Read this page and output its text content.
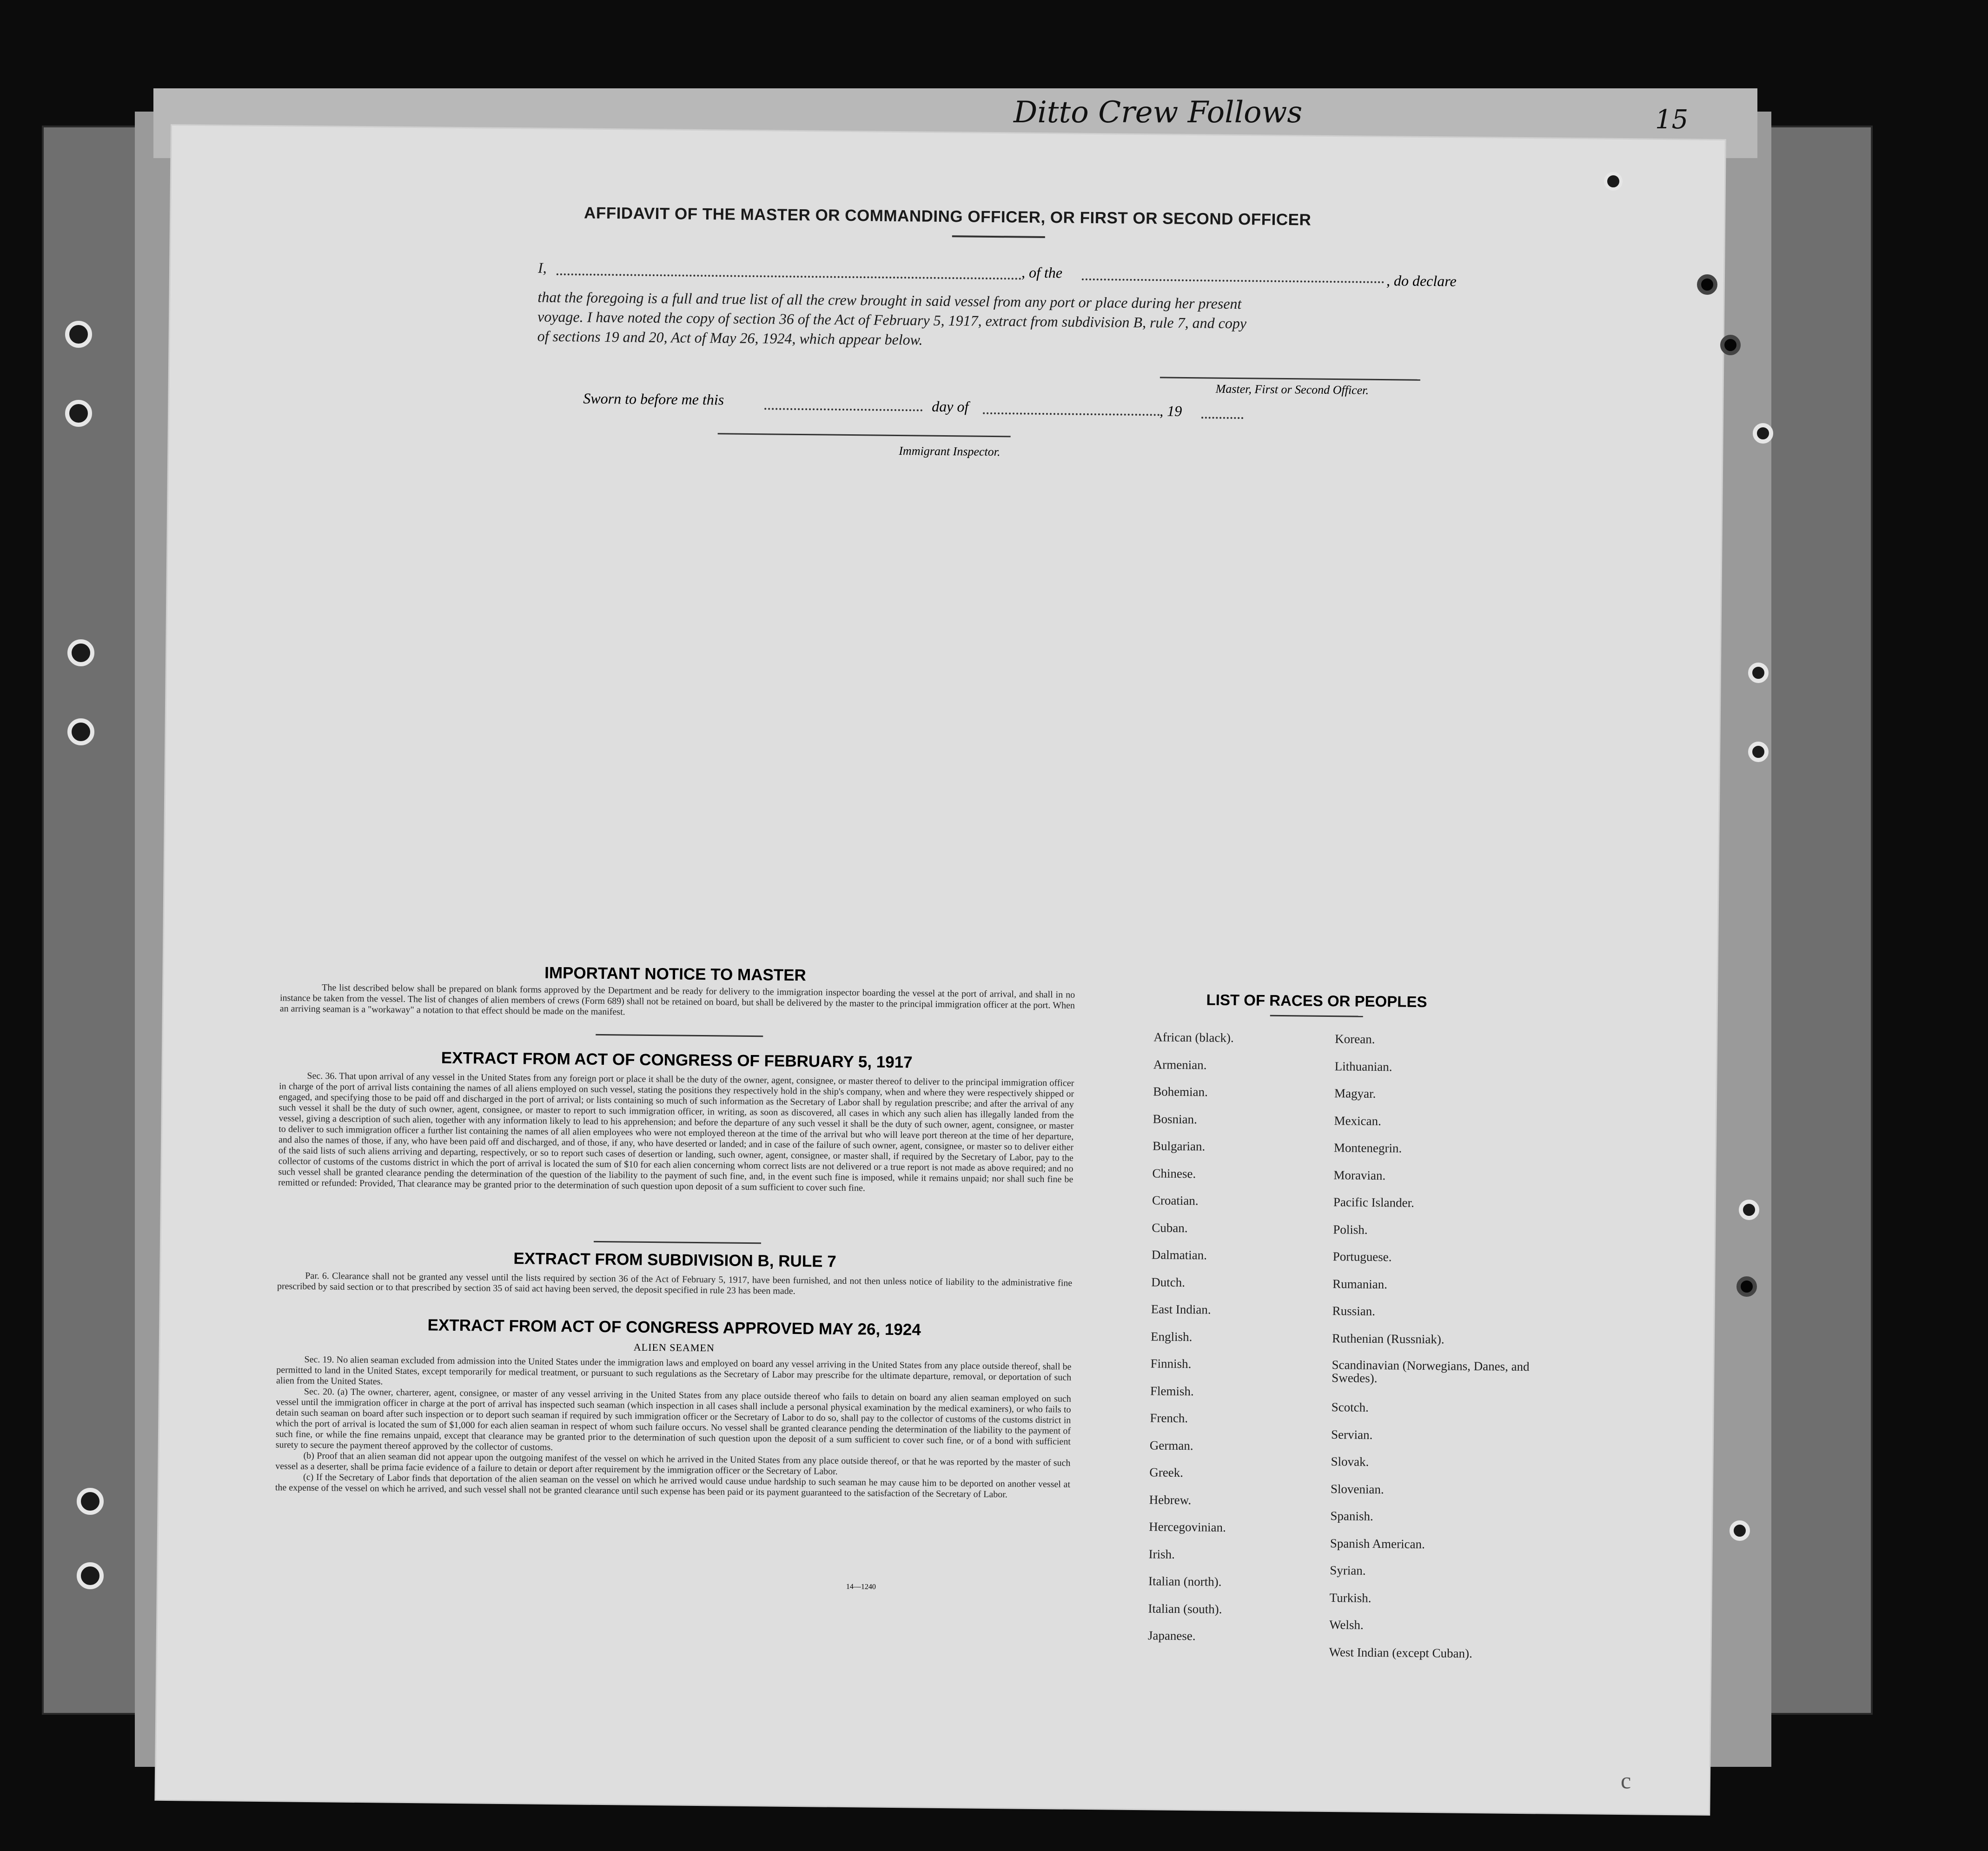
Ditto Crew Follows	15

AFFIDAVIT OF THE MASTER OR COMMANDING OFFICER, OR FIRST OR SECOND OFFICER
I,	, of the	, do declare
that the foregoing is a full and true list of all the crew brought in said vessel from any port or place during her present
voyage. I have noted the copy of section 36 of the Act of February 5, 1917, extract from subdivision B, rule 7, and copy
of sections 19 and 20, Act of May 26, 1924, which appear below.
Master, First or Second Officer.
Sworn to before me this	day of	, 19
Immigrant Inspector.
IMPORTANT NOTICE TO MASTER
The list described below shall be prepared on blank forms approved by the Department and be ready for delivery to the immigration inspector boarding the vessel at the port of arrival, and shall in no instance be taken from the vessel. The list of changes of alien members of crews (Form 689) shall not be retained on board, but shall be delivered by the master to the principal immigration officer at the port. When an arriving seaman is a "workaway" a notation to that effect should be made on the manifest.
EXTRACT FROM ACT OF CONGRESS OF FEBRUARY 5, 1917
Sec. 36. That upon arrival of any vessel in the United States from any foreign port or place it shall be the duty of the owner, agent, consignee, or master thereof to deliver to the principal immigration officer in charge of the port of arrival lists containing the names of all aliens employed on such vessel, stating the positions they respectively hold in the ship's company, when and where they were respectively shipped or engaged, and specifying those to be paid off and discharged in the port of arrival; or lists containing so much of such information as the Secretary of Labor shall by regulation prescribe; and after the arrival of any such vessel it shall be the duty of such owner, agent, consignee, or master to report to such immigration officer, in writing, as soon as discovered, all cases in which any such alien has illegally landed from the vessel, giving a description of such alien, together with any information likely to lead to his apprehension; and before the departure of any such vessel it shall be the duty of such owner, agent, consignee, or master to deliver to such immigration officer a further list containing the names of all alien employees who were not employed thereon at the time of the arrival but who will leave port thereon at the time of her departure, and also the names of those, if any, who have been paid off and discharged, and of those, if any, who have deserted or landed; and in case of the failure of such owner, agent, consignee, or master so to deliver either of the said lists of such aliens arriving and departing, respectively, or so to report such cases of desertion or landing, such owner, agent, consignee, or master shall, if required by the Secretary of Labor, pay to the collector of customs of the customs district in which the port of arrival is located the sum of $10 for each alien concerning whom correct lists are not delivered or a true report is not made as above required; and no such vessel shall be granted clearance pending the determination of the question of the liability to the payment of such fine, and, in the event such fine is imposed, while it remains unpaid; nor shall such fine be remitted or refunded: Provided, That clearance may be granted prior to the determination of such question upon deposit of a sum sufficient to cover such fine.
EXTRACT FROM SUBDIVISION B, RULE 7
Par. 6. Clearance shall not be granted any vessel until the lists required by section 36 of the Act of February 5, 1917, have been furnished, and not then unless notice of liability to the administrative fine prescribed by said section or to that prescribed by section 35 of said act having been served, the deposit specified in rule 23 has been made.
EXTRACT FROM ACT OF CONGRESS APPROVED MAY 26, 1924
ALIEN SEAMEN
Sec. 19. No alien seaman excluded from admission into the United States under the immigration laws and employed on board any vessel arriving in the United States from any place outside thereof, shall be permitted to land in the United States, except temporarily for medical treatment, or pursuant to such regulations as the Secretary of Labor may prescribe for the ultimate departure, removal, or deportation of such alien from the United States.
Sec. 20. (a) The owner, charterer, agent, consignee, or master of any vessel arriving in the United States from any place outside thereof who fails to detain on board any alien seaman employed on such vessel until the immigration officer in charge at the port of arrival has inspected such seaman (which inspection in all cases shall include a personal physical examination by the medical examiners), or who fails to detain such seaman on board after such inspection or to deport such seaman if required by such immigration officer or the Secretary of Labor to do so, shall pay to the collector of customs of the customs district in which the port of arrival is located the sum of $1,000 for each alien seaman in respect of whom such failure occurs. No vessel shall be granted clearance pending the determination of the liability to the payment of such fine, or while the fine remains unpaid, except that clearance may be granted prior to the determination of such question upon the deposit of a sum sufficient to cover such fine, or of a bond with sufficient surety to secure the payment thereof approved by the collector of customs.
(b) Proof that an alien seaman did not appear upon the outgoing manifest of the vessel on which he arrived in the United States from any place outside thereof, or that he was reported by the master of such vessel as a deserter, shall be prima facie evidence of a failure to detain or deport after requirement by the immigration officer or the Secretary of Labor.
(c) If the Secretary of Labor finds that deportation of the alien seaman on the vessel on which he arrived would cause undue hardship to such seaman he may cause him to be deported on another vessel at the expense of the vessel on which he arrived, and such vessel shall not be granted clearance until such expense has been paid or its payment guaranteed to the satisfaction of the Secretary of Labor.
14—1240
LIST OF RACES OR PEOPLES
African (black).
Armenian.
Bohemian.
Bosnian.
Bulgarian.
Chinese.
Croatian.
Cuban.
Dalmatian.
Dutch.
East Indian.
English.
Finnish.
Flemish.
French.
German.
Greek.
Hebrew.
Hercegovinian.
Irish.
Italian (north).
Italian (south).
Japanese.
Korean.
Lithuanian.
Magyar.
Mexican.
Montenegrin.
Moravian.
Pacific Islander.
Polish.
Portuguese.
Rumanian.
Russian.
Ruthenian (Russniak).
Scandinavian (Norwegians, Danes, and Swedes).
Scotch.
Servian.
Slovak.
Slovenian.
Spanish.
Spanish American.
Syrian.
Turkish.
Welsh.
West Indian (except Cuban).
c
